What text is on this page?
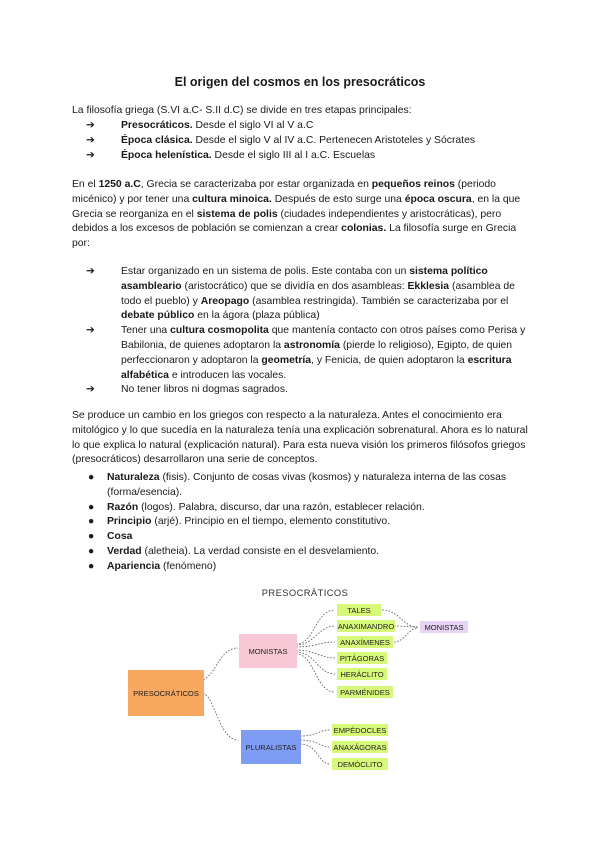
El origen del cosmos en los presocráticos

La filosofía griega (S.VI a.C- S.II d.C) se divide en tres etapas principales:

➔	Presocráticos. Desde el siglo VI al V a.C
➔	Época clásica. Desde el siglo V al IV a.C. Pertenecen Aristoteles y Sócrates
➔	Época helenística. Desde el siglo III al I a.C. Escuelas

En el 1250 a.C, Grecia se caracterizaba por estar organizada en pequeños reinos (periodo micénico) y por tener una cultura minoica. Después de esto surge una época oscura, en la que Grecia se reorganiza en el sistema de polis (ciudades independientes y aristocráticas), pero debidos a los excesos de población se comienzan a crear colonias. La filosofía surge en Grecia por:

➔	Estar organizado en un sistema de polis. Este contaba con un sistema político asambleario (aristocrático) que se dividía en dos asambleas: Ekklesia (asamblea de todo el pueblo) y Areopago (asamblea restringida). También se caracterizaba por el debate público en la ágora (plaza pública)
➔	Tener una cultura cosmopolita que mantenía contacto con otros países como Perisa y Babilonia, de quienes adoptaron la astronomía (pierde lo religioso), Egipto, de quien perfeccionaron y adoptaron la geometría, y Fenicia, de quien adoptaron la escritura alfabética e introducen las vocales.
➔	No tener libros ni dogmas sagrados.

Se produce un cambio en los griegos con respecto a la naturaleza. Antes el conocimiento era mitológico y lo que sucedía en la naturaleza tenía una explicación sobrenatural. Ahora es lo natural lo que explica lo natural (explicación natural). Para esta nueva visión los primeros filósofos griegos (presocráticos) desarrollaron una serie de conceptos.

● Naturaleza (fisis). Conjunto de cosas vivas (kosmos) y naturaleza interna de las cosas (forma/esencia).
● Razón (logos). Palabra, discurso, dar una razón, establecer relación.
● Principio (arjé). Principio en el tiempo, elemento constitutivo.
● Cosa
● Verdad (aletheia). La verdad consiste en el desvelamiento.
● Apariencia (fenómeno)
PRESOCRÁTICOS
PRESOCRÁTICOS
MONISTAS
PLURALISTAS
MONISTAS
TALES
ANAXIMANDRO
ANAXÍMENES
PITÁGORAS
HERÁCLITO
PARMÉNIDES
EMPÉDOCLES
ANAXÁGORAS
DEMÓCLITO
